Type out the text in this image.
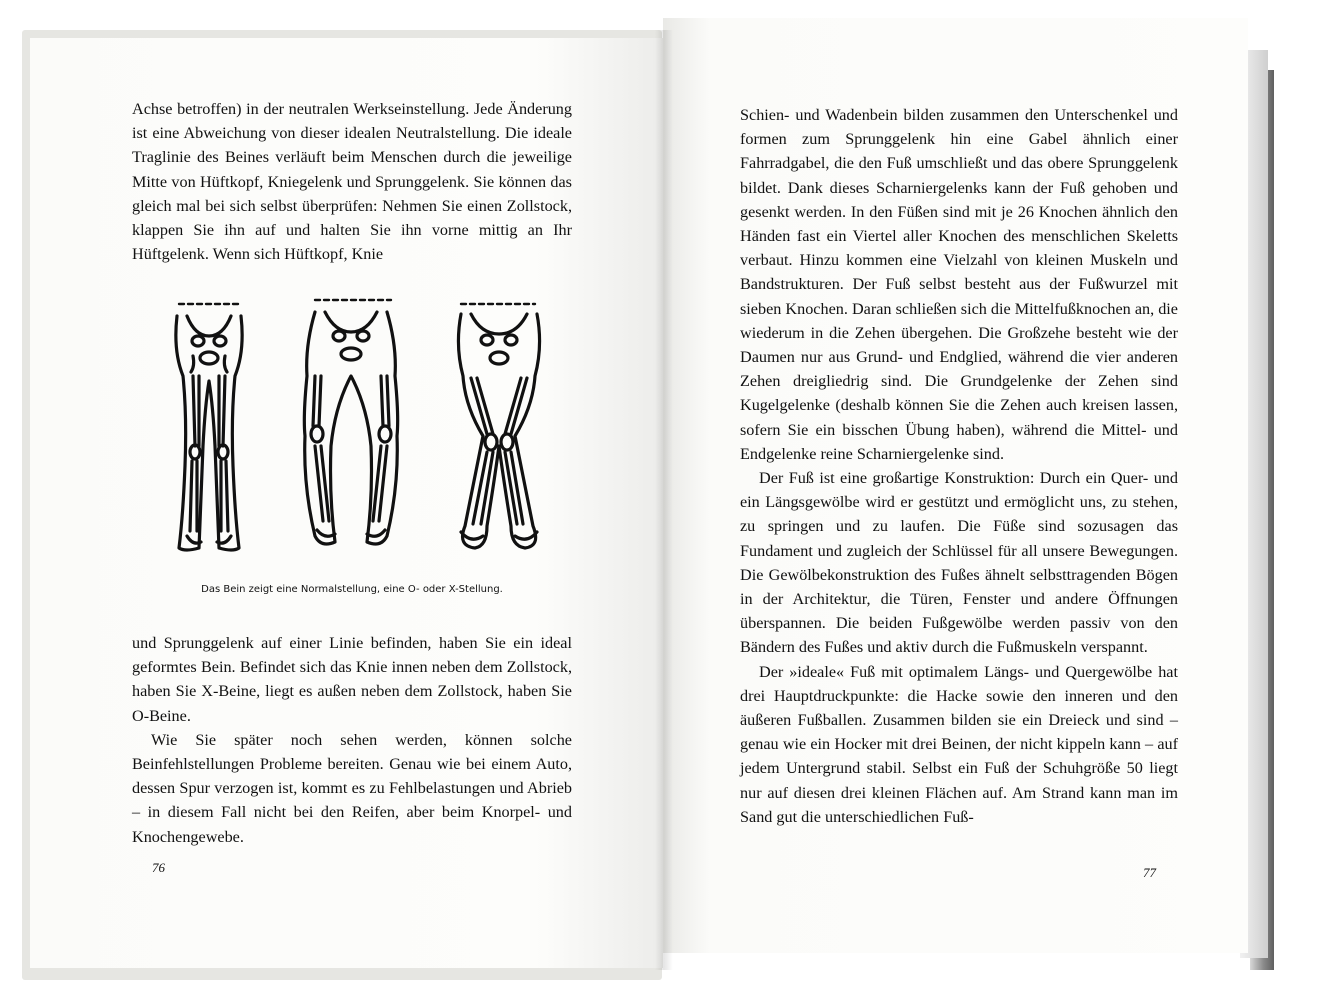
Achse betroffen) in der neutralen Werkseinstellung. Jede Änderung ist eine Abweichung von dieser idealen Neutralstellung. Die ideale Traglinie des Beines verläuft beim Menschen durch die jeweilige Mitte von Hüftkopf, Kniegelenk und Sprunggelenk. Sie können das gleich mal bei sich selbst überprüfen: Nehmen Sie einen Zollstock, klappen Sie ihn auf und halten Sie ihn vorne mittig an Ihr Hüftgelenk. Wenn sich Hüftkopf, Knie

Das Bein zeigt eine Normalstellung, eine O- oder X-Stellung.

und Sprunggelenk auf einer Linie befinden, haben Sie ein ideal geformtes Bein. Befindet sich das Knie innen neben dem Zollstock, haben Sie X-Beine, liegt es außen neben dem Zollstock, haben Sie O-Beine.

Wie Sie später noch sehen werden, können solche Beinfehlstellungen Probleme bereiten. Genau wie bei einem Auto, dessen Spur verzogen ist, kommt es zu Fehlbelastungen und Abrieb – in diesem Fall nicht bei den Reifen, aber beim Knorpel- und Knochengewebe.

76

Schien- und Wadenbein bilden zusammen den Unterschenkel und formen zum Sprunggelenk hin eine Gabel ähnlich einer Fahrradgabel, die den Fuß umschließt und das obere Sprunggelenk bildet. Dank dieses Scharniergelenks kann der Fuß gehoben und gesenkt werden. In den Füßen sind mit je 26 Knochen ähnlich den Händen fast ein Viertel aller Knochen des menschlichen Skeletts verbaut. Hinzu kommen eine Vielzahl von kleinen Muskeln und Bandstrukturen. Der Fuß selbst besteht aus der Fußwurzel mit sieben Knochen. Daran schließen sich die Mittelfußknochen an, die wiederum in die Zehen übergehen. Die Großzehe besteht wie der Daumen nur aus Grund- und Endglied, während die vier anderen Zehen dreigliedrig sind. Die Grundgelenke der Zehen sind Kugelgelenke (deshalb können Sie die Zehen auch kreisen lassen, sofern Sie ein bisschen Übung haben), während die Mittel- und Endgelenke reine Scharniergelenke sind.

Der Fuß ist eine großartige Konstruktion: Durch ein Quer- und ein Längsgewölbe wird er gestützt und ermöglicht uns, zu stehen, zu springen und zu laufen. Die Füße sind sozusagen das Fundament und zugleich der Schlüssel für all unsere Bewegungen. Die Gewölbekonstruktion des Fußes ähnelt selbsttragenden Bögen in der Architektur, die Türen, Fenster und andere Öffnungen überspannen. Die beiden Fußgewölbe werden passiv von den Bändern des Fußes und aktiv durch die Fußmuskeln verspannt.

Der »ideale« Fuß mit optimalem Längs- und Quergewölbe hat drei Hauptdruckpunkte: die Hacke sowie den inneren und den äußeren Fußballen. Zusammen bilden sie ein Dreieck und sind – genau wie ein Hocker mit drei Beinen, der nicht kippeln kann – auf jedem Untergrund stabil. Selbst ein Fuß der Schuhgröße 50 liegt nur auf diesen drei kleinen Flächen auf. Am Strand kann man im Sand gut die unterschiedlichen Fuß-

77
